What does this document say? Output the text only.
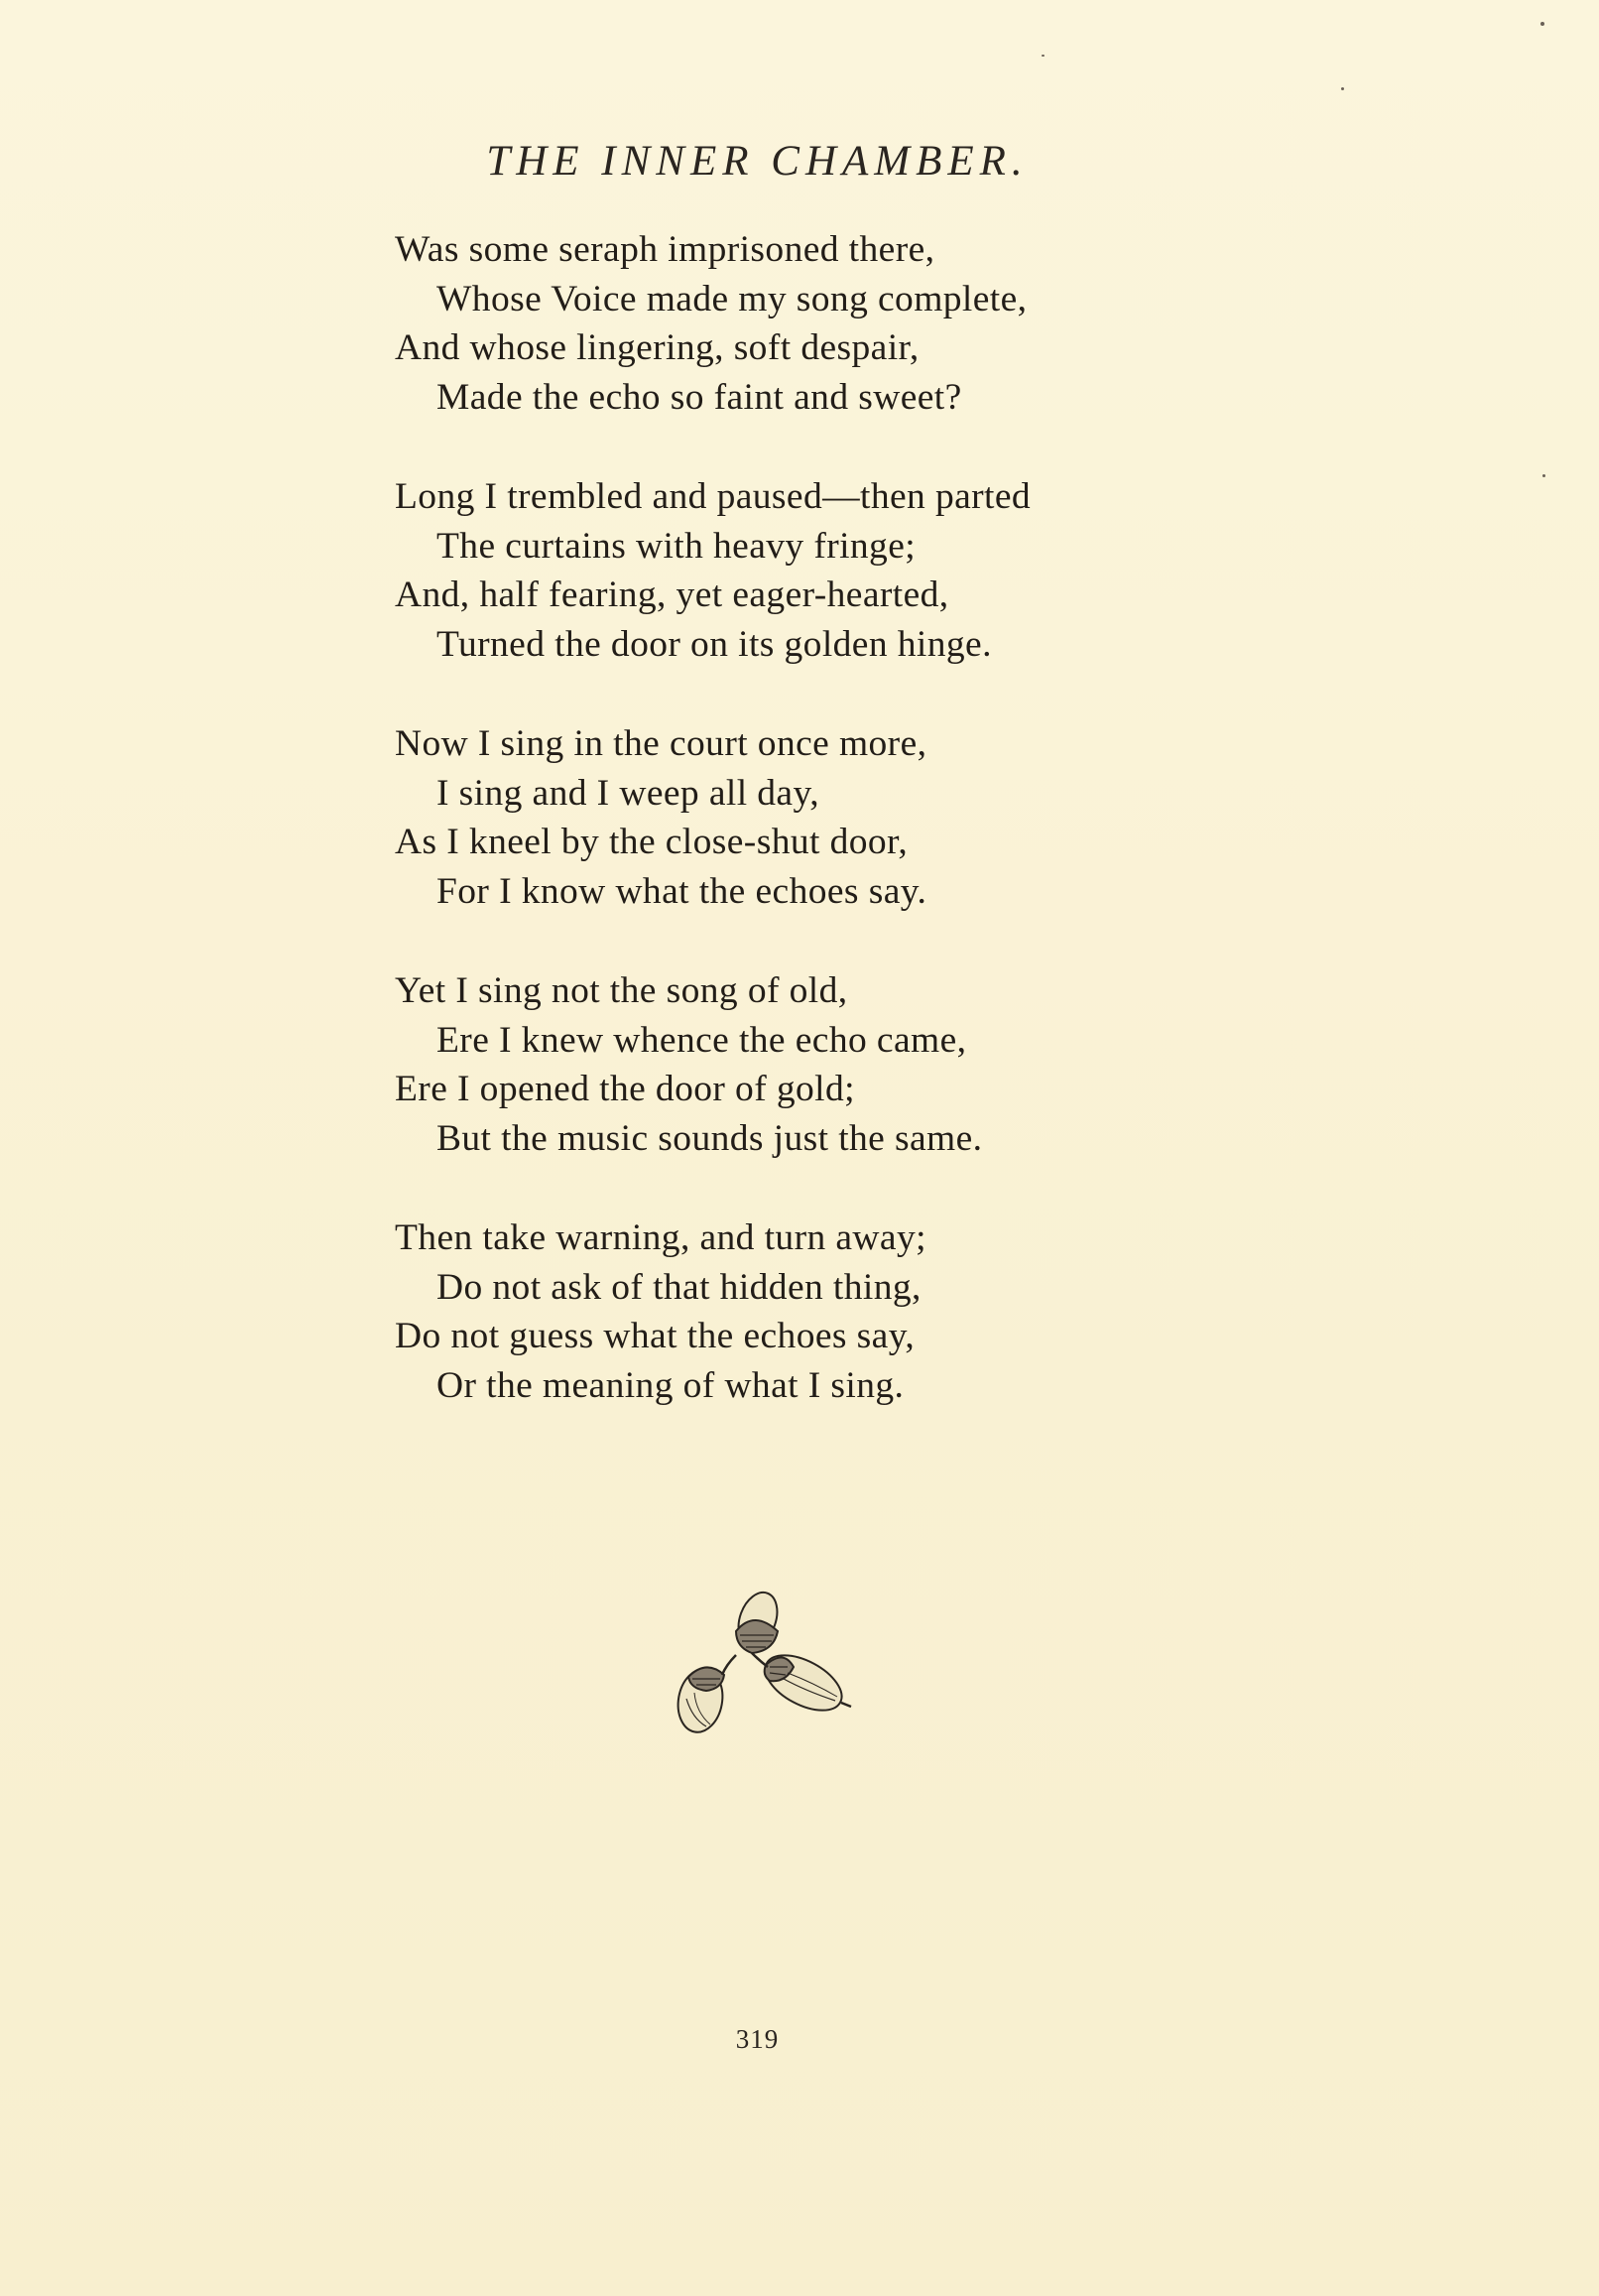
THE INNER CHAMBER.
Was some seraph imprisoned there,
Whose Voice made my song complete,
And whose lingering, soft despair,
Made the echo so faint and sweet?
Long I trembled and paused—then parted
The curtains with heavy fringe;
And, half fearing, yet eager-hearted,
Turned the door on its golden hinge.
Now I sing in the court once more,
I sing and I weep all day,
As I kneel by the close-shut door,
For I know what the echoes say.
Yet I sing not the song of old,
Ere I knew whence the echo came,
Ere I opened the door of gold;
But the music sounds just the same.
Then take warning, and turn away;
Do not ask of that hidden thing,
Do not guess what the echoes say,
Or the meaning of what I sing.
319
